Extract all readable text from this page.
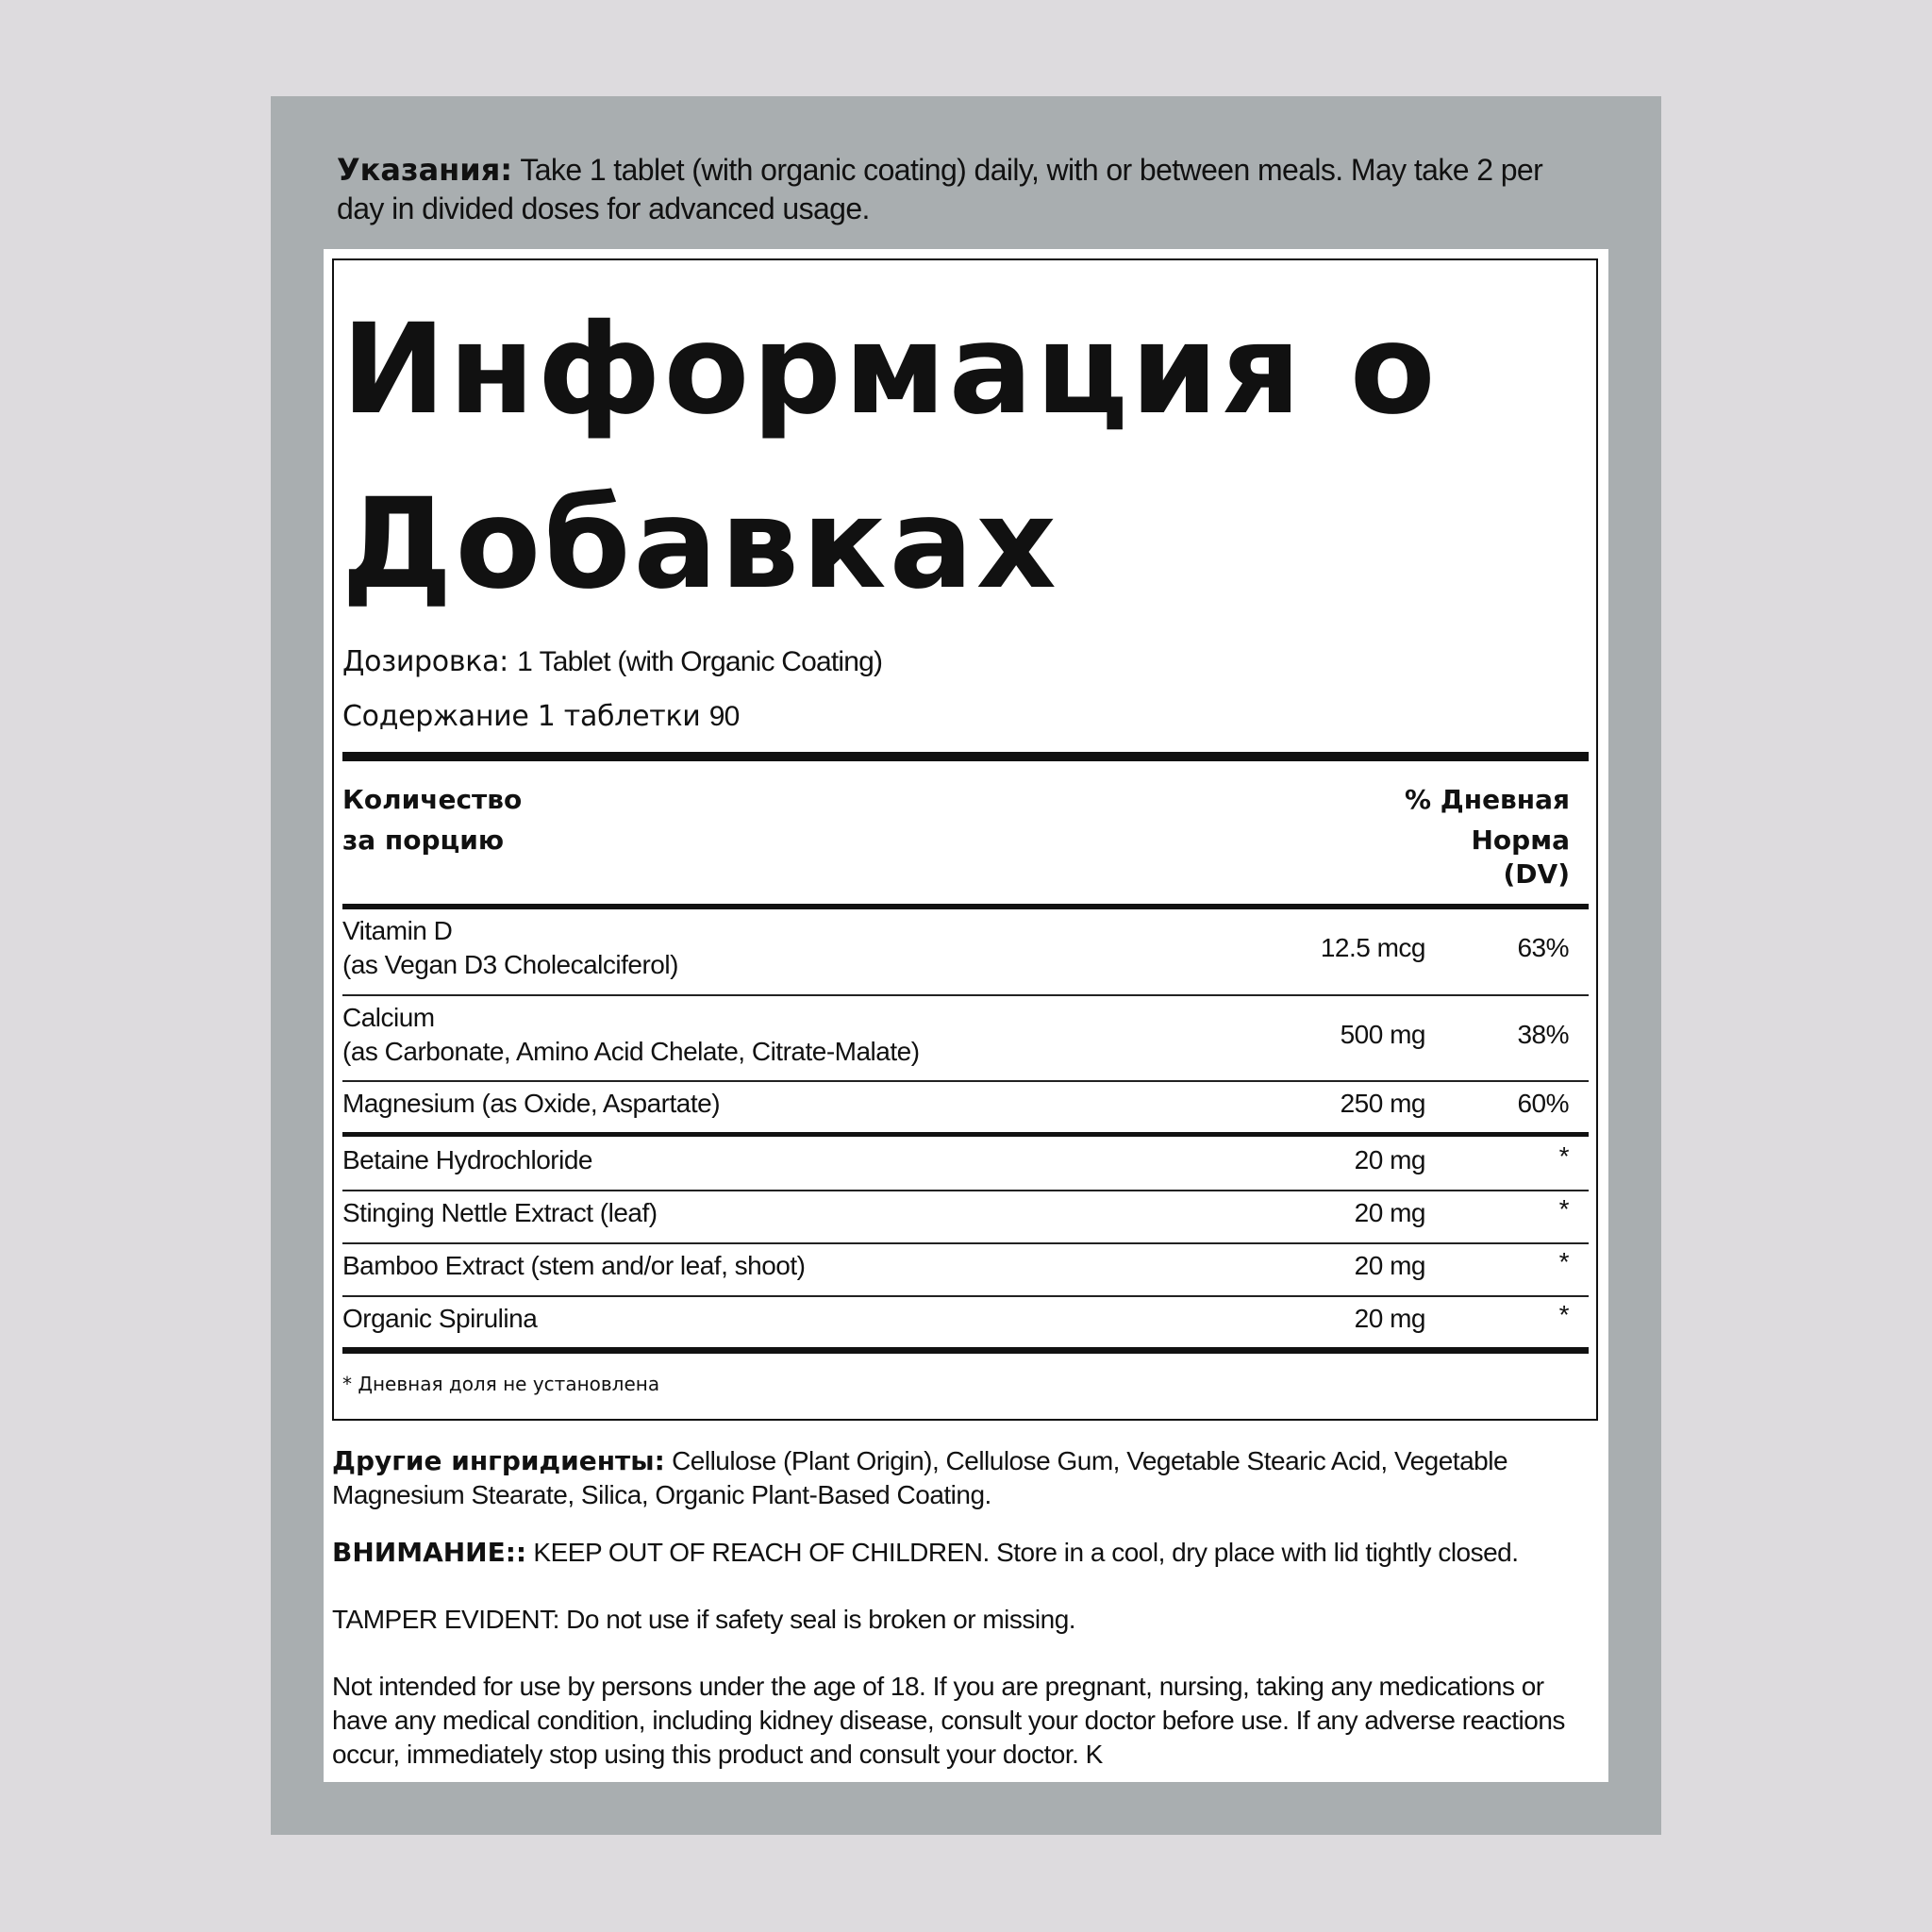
Указания: Take 1 tablet (with organic coating) daily, with or between meals. May take 2 per day in divided doses for advanced usage.
Информация о Добавках
Дозировка: 1 Tablet (with Organic Coating)
Содержание 1 таблетки 90
Количество
за порцию
% Дневная
Норма
(DV)
Vitamin D
(as Vegan D3 Cholecalciferol)
12.5 mcg	63%
Calcium
(as Carbonate, Amino Acid Chelate, Citrate-Malate)
500 mg	38%
Magnesium (as Oxide, Aspartate)	250 mg	60%
Betaine Hydrochloride	20 mg	*
Stinging Nettle Extract (leaf)	20 mg	*
Bamboo Extract (stem and/or leaf, shoot)	20 mg	*
Organic Spirulina	20 mg	*
* Дневная доля не установлена
Другие ингридиенты: Cellulose (Plant Origin), Cellulose Gum, Vegetable Stearic Acid, Vegetable Magnesium Stearate, Silica, Organic Plant-Based Coating.
ВНИМАНИЕ:: KEEP OUT OF REACH OF CHILDREN. Store in a cool, dry place with lid tightly closed.
TAMPER EVIDENT: Do not use if safety seal is broken or missing.
Not intended for use by persons under the age of 18. If you are pregnant, nursing, taking any medications or have any medical condition, including kidney disease, consult your doctor before use. If any adverse reactions occur, immediately stop using this product and consult your doctor. K
